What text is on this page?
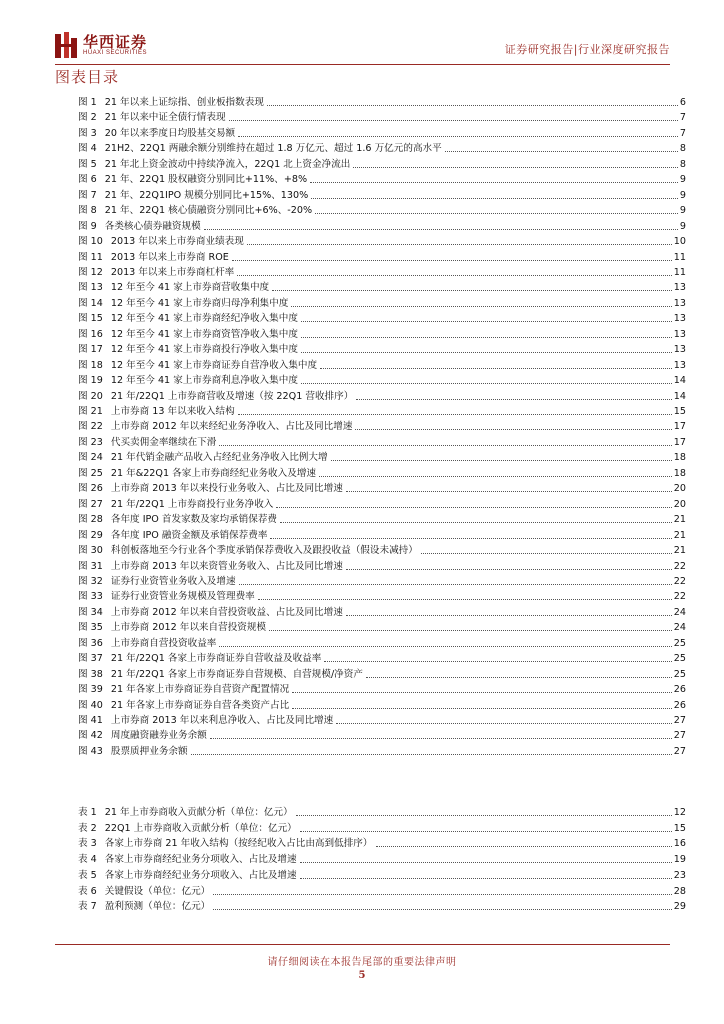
华西证券
HUAXI SECURITIES	证券研究报告|行业深度研究报告
图表目录
图 1 21 年以来上证综指、创业板指数表现	6
图 2 21 年以来中证全债行情表现	7
图 3 20 年以来季度日均股基交易额	7
图 4 21H2、22Q1 两融余额分别维持在超过 1.8 万亿元、超过 1.6 万亿元的高水平	8
图 5 21 年北上资金波动中持续净流入，22Q1 北上资金净流出	8
图 6 21 年、22Q1 股权融资分别同比+11%、+8%	9
图 7 21 年、22Q1IPO 规模分别同比+15%、130%	9
图 8 21 年、22Q1 核心债融资分别同比+6%、-20%	9
图 9 各类核心债券融资规模	9
图 10 2013 年以来上市券商业绩表现	10
图 11 2013 年以来上市券商 ROE	11
图 12 2013 年以来上市券商杠杆率	11
图 13 12 年至今 41 家上市券商营收集中度	13
图 14 12 年至今 41 家上市券商归母净利集中度	13
图 15 12 年至今 41 家上市券商经纪净收入集中度	13
图 16 12 年至今 41 家上市券商资管净收入集中度	13
图 17 12 年至今 41 家上市券商投行净收入集中度	13
图 18 12 年至今 41 家上市券商证券自营净收入集中度	13
图 19 12 年至今 41 家上市券商利息净收入集中度	14
图 20 21 年/22Q1 上市券商营收及增速（按 22Q1 营收排序）	14
图 21 上市券商 13 年以来收入结构	15
图 22 上市券商 2012 年以来经纪业务净收入、占比及同比增速	17
图 23 代买卖佣金率继续在下滑	17
图 24 21 年代销金融产品收入占经纪业务净收入比例大增	18
图 25 21 年&22Q1 各家上市券商经纪业务收入及增速	18
图 26 上市券商 2013 年以来投行业务收入、占比及同比增速	20
图 27 21 年/22Q1 上市券商投行业务净收入	20
图 28 各年度 IPO 首发家数及家均承销保荐费	21
图 29 各年度 IPO 融资金额及承销保荐费率	21
图 30 科创板落地至今行业各个季度承销保荐费收入及跟投收益（假设未减持）	21
图 31 上市券商 2013 年以来资管业务收入、占比及同比增速	22
图 32 证券行业资管业务收入及增速	22
图 33 证券行业资管业务规模及管理费率	22
图 34 上市券商 2012 年以来自营投资收益、占比及同比增速	24
图 35 上市券商 2012 年以来自营投资规模	24
图 36 上市券商自营投资收益率	25
图 37 21 年/22Q1 各家上市券商证券自营收益及收益率	25
图 38 21 年/22Q1 各家上市券商证券自营规模、自营规模/净资产	25
图 39 21 年各家上市券商证券自营资产配置情况	26
图 40 21 年各家上市券商证券自营各类资产占比	26
图 41 上市券商 2013 年以来利息净收入、占比及同比增速	27
图 42 周度融资融券业务余额	27
图 43 股票质押业务余额	27
表 1 21 年上市券商收入贡献分析（单位：亿元）	12
表 2 22Q1 上市券商收入贡献分析（单位：亿元）	15
表 3 各家上市券商 21 年收入结构（按经纪收入占比由高到低排序）	16
表 4 各家上市券商经纪业务分项收入、占比及增速	19
表 5 各家上市券商经纪业务分项收入、占比及增速	23
表 6 关键假设（单位：亿元）	28
表 7 盈利预测（单位：亿元）	29
请仔细阅读在本报告尾部的重要法律声明
5
